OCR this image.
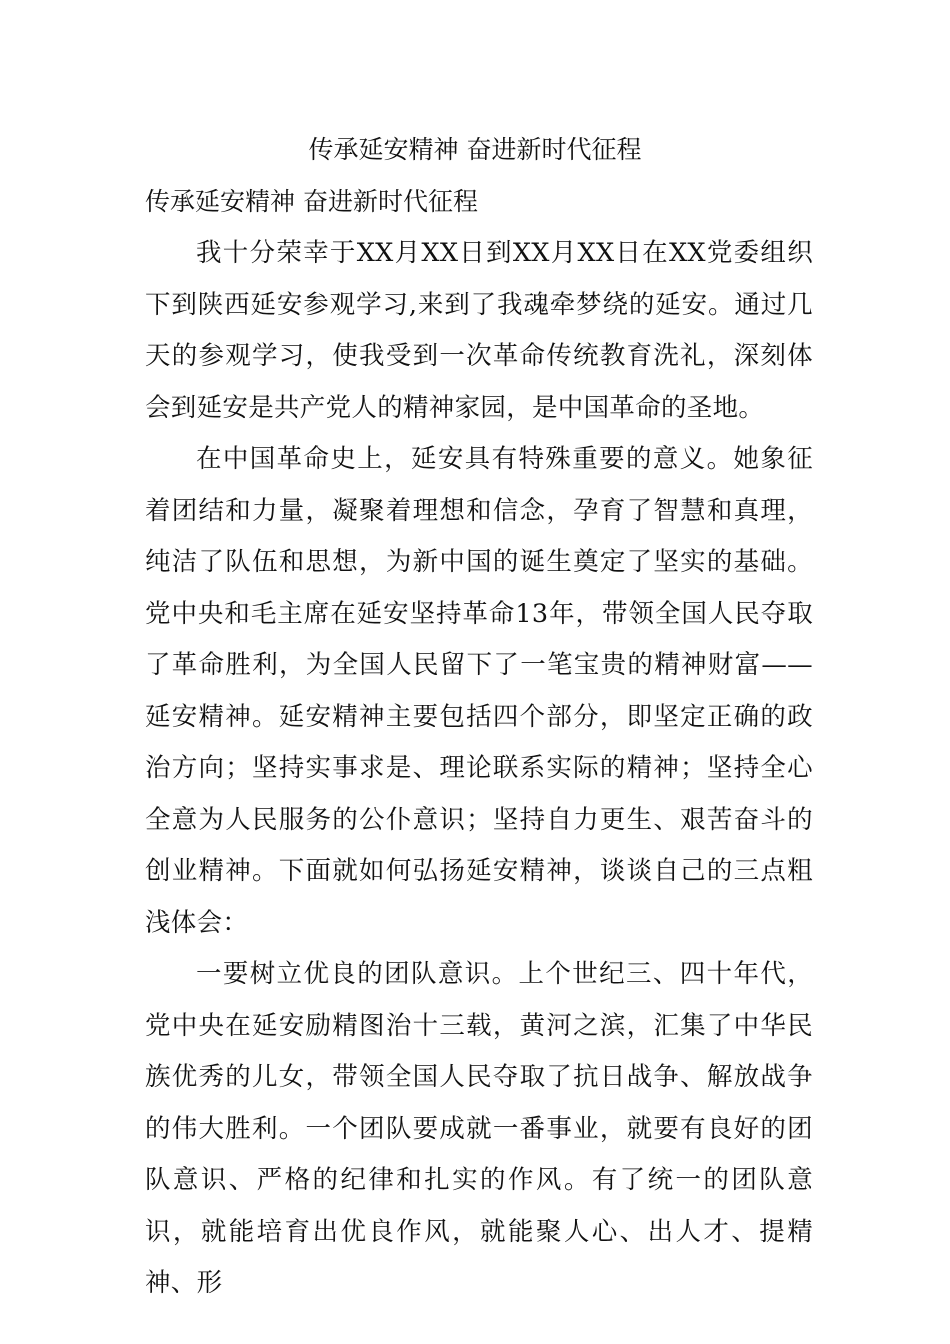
传承延安精神 奋进新时代征程
传承延安精神 奋进新时代征程

我十分荣幸于XX月XX日到XX月XX日在XX党委组织下到陕西延安参观学习,来到了我魂牵梦绕的延安。通过几天的参观学习，使我受到一次革命传统教育洗礼，深刻体会到延安是共产党人的精神家园，是中国革命的圣地。

在中国革命史上，延安具有特殊重要的意义。她象征着团结和力量，凝聚着理想和信念，孕育了智慧和真理，纯洁了队伍和思想，为新中国的诞生奠定了坚实的基础。党中央和毛主席在延安坚持革命13年，带领全国人民夺取了革命胜利，为全国人民留下了一笔宝贵的精神财富——延安精神。延安精神主要包括四个部分，即坚定正确的政治方向；坚持实事求是、理论联系实际的精神；坚持全心全意为人民服务的公仆意识；坚持自力更生、艰苦奋斗的创业精神。下面就如何弘扬延安精神，谈谈自己的三点粗浅体会：

一要树立优良的团队意识。上个世纪三、四十年代，党中央在延安励精图治十三载，黄河之滨，汇集了中华民族优秀的儿女，带领全国人民夺取了抗日战争、解放战争的伟大胜利。一个团队要成就一番事业，就要有良好的团队意识、严格的纪律和扎实的作风。有了统一的团队意识，就能培育出优良作风，就能聚人心、出人才、提精神、形
